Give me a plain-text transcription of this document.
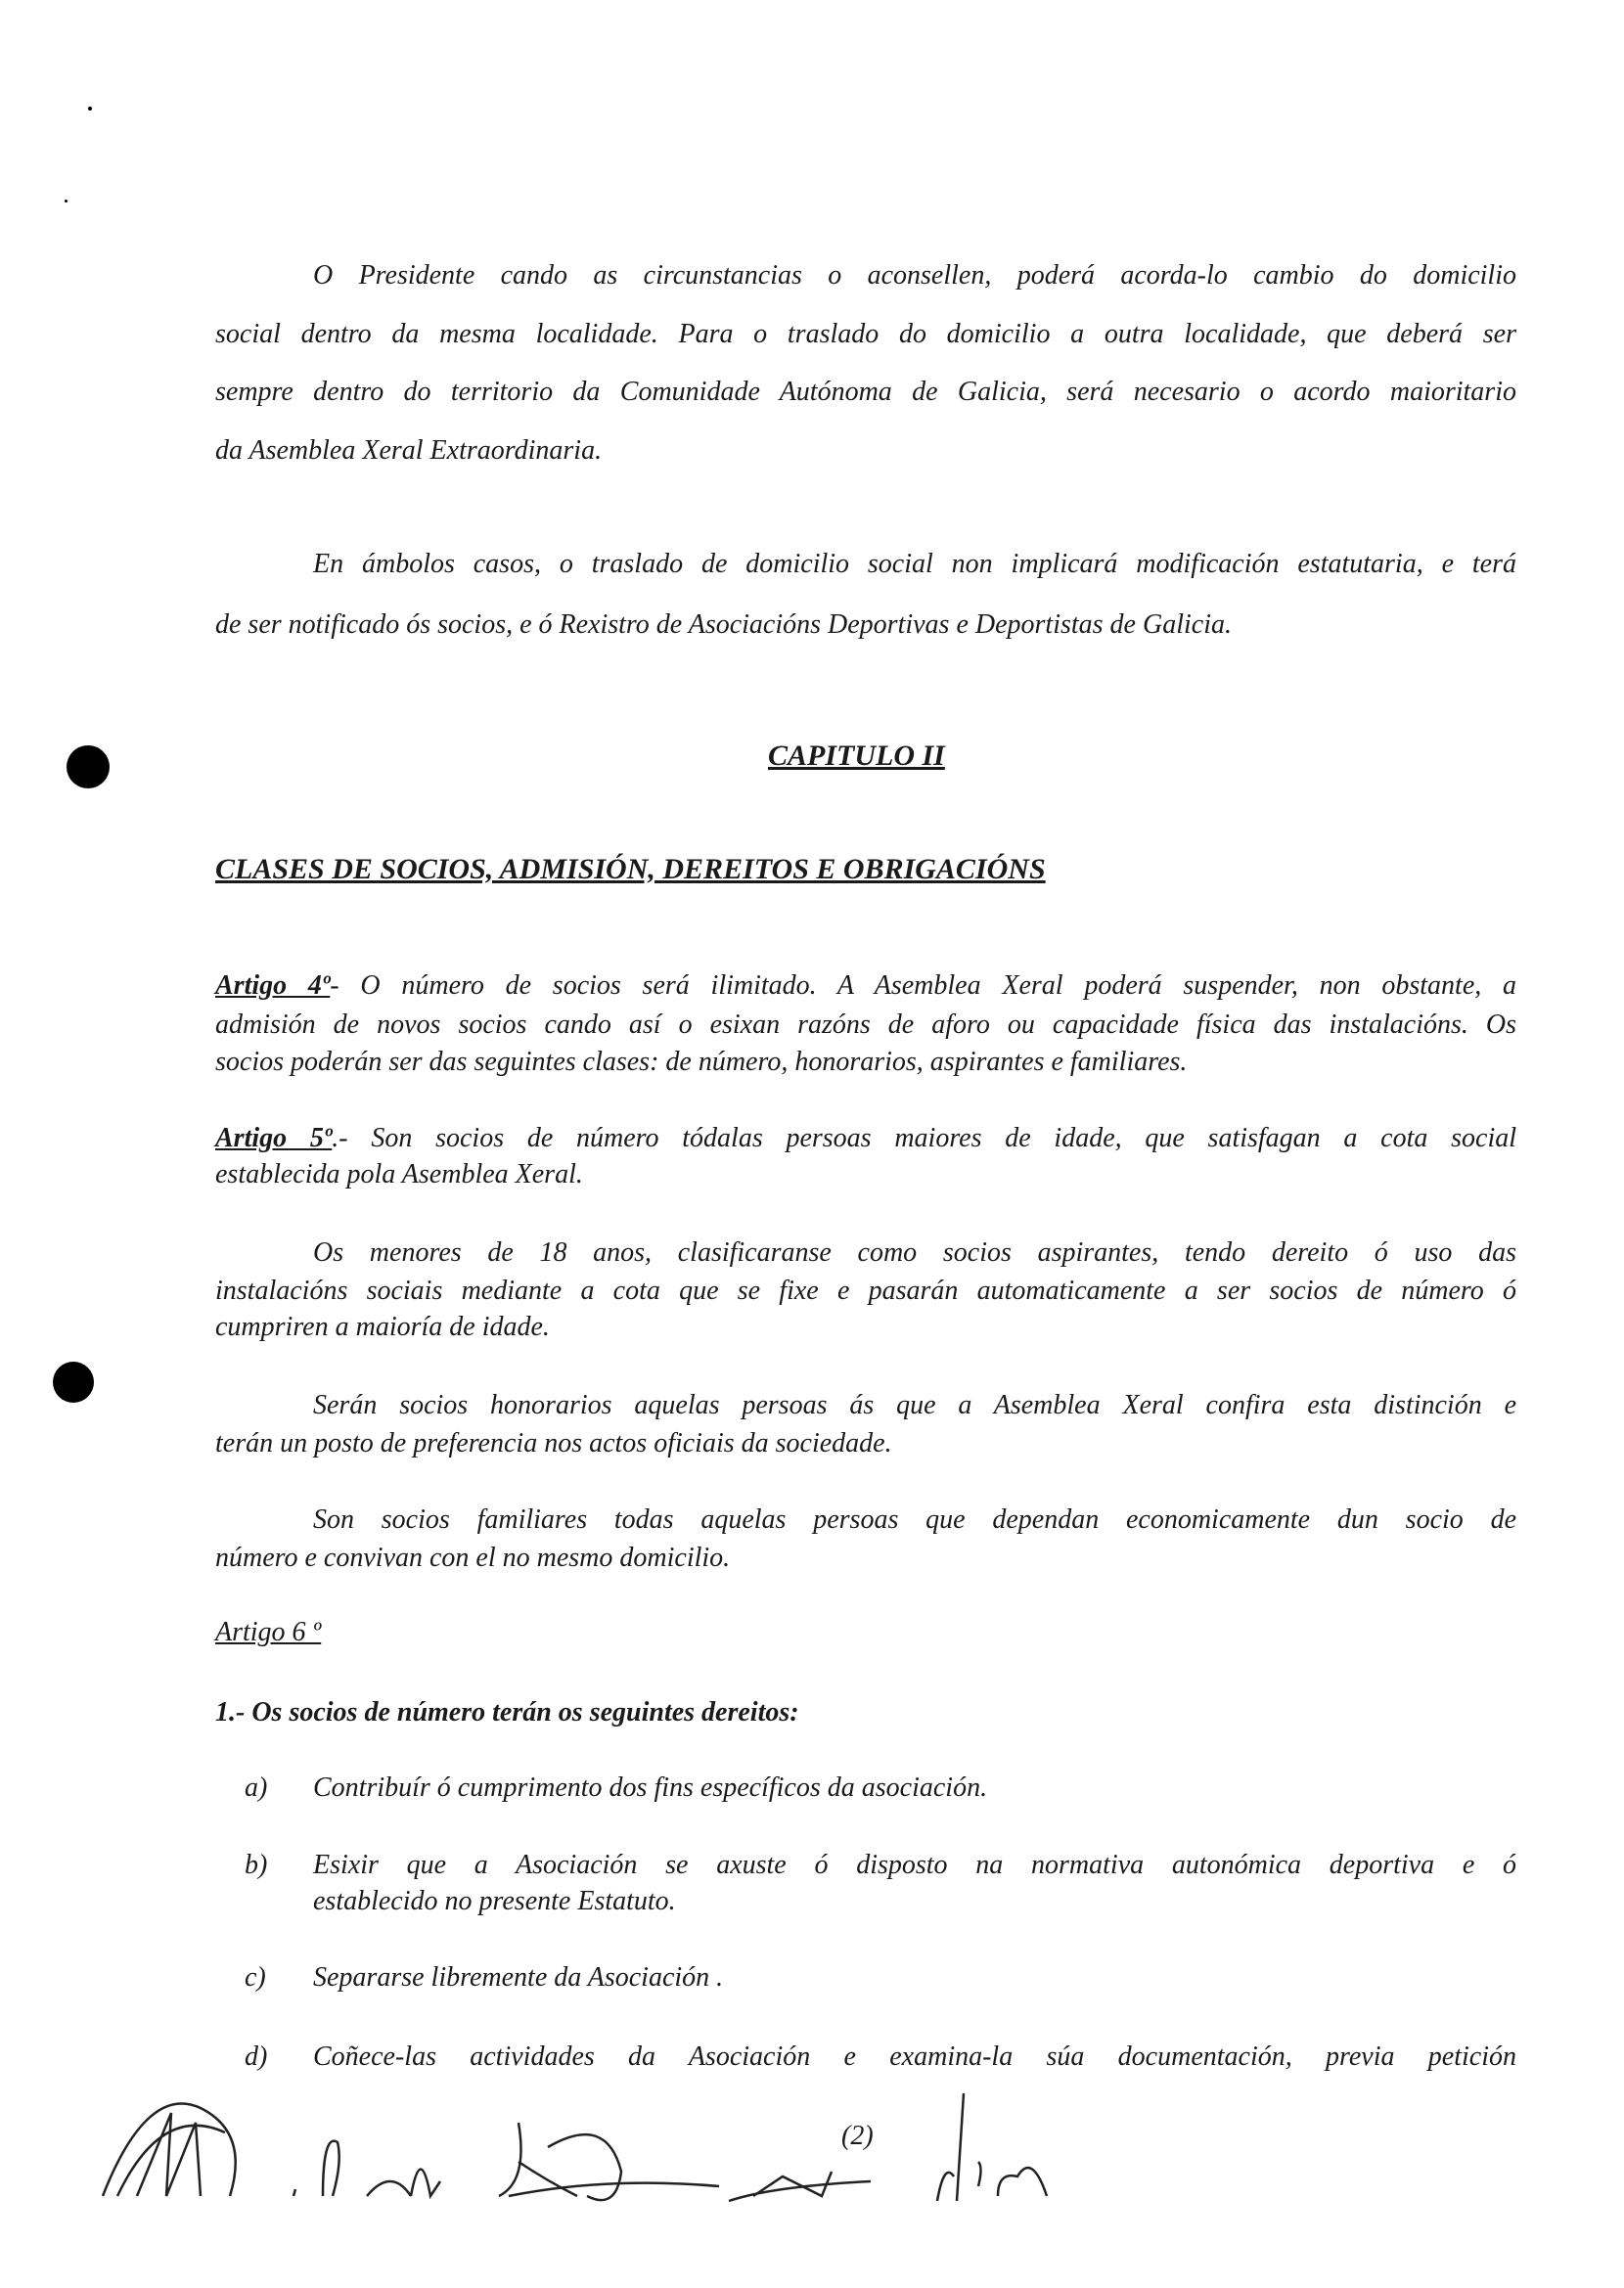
O Presidente cando as circunstancias o aconsellen, poderá acorda-lo cambio do domicilio
social dentro da mesma localidade. Para o traslado do domicilio a outra localidade, que deberá ser
sempre dentro do territorio da Comunidade Autónoma de Galicia, será necesario o acordo maioritario
da Asemblea Xeral Extraordinaria.
En ámbolos casos, o traslado de domicilio social non implicará modificación estatutaria, e terá
de ser notificado ós socios, e ó Rexistro de Asociacións Deportivas e Deportistas de Galicia.
CAPITULO II
CLASES DE SOCIOS, ADMISIÓN, DEREITOS E OBRIGACIÓNS
Artigo 4º- O número de socios será ilimitado. A Asemblea Xeral poderá suspender, non obstante, a
admisión de novos socios cando así o esixan razóns de aforo ou capacidade física das instalacións. Os
socios poderán ser das seguintes clases: de número, honorarios, aspirantes e familiares.
Artigo 5º.- Son socios de número tódalas persoas maiores de idade, que satisfagan a cota social
establecida pola Asemblea Xeral.
Os menores de 18 anos, clasificaranse como socios aspirantes, tendo dereito ó uso das
instalacións sociais mediante a cota que se fixe e pasarán automaticamente a ser socios de número ó
cumpriren a maioría de idade.
Serán socios honorarios aquelas persoas ás que a Asemblea Xeral confira esta distinción e
terán un posto de preferencia nos actos oficiais da sociedade.
Son socios familiares todas aquelas persoas que dependan economicamente dun socio de
número e convivan con el no mesmo domicilio.
Artigo 6 º
1.- Os socios de número terán os seguintes dereitos:
a) Contribuír ó cumprimento dos fins específicos da asociación.
b) Esixir que a Asociación se axuste ó disposto na normativa autonómica deportiva e ó
establecido no presente Estatuto.
c) Separarse libremente da Asociación .
d) Coñece-las actividades da Asociación e examina-la súa documentación, previa petición
(2)
